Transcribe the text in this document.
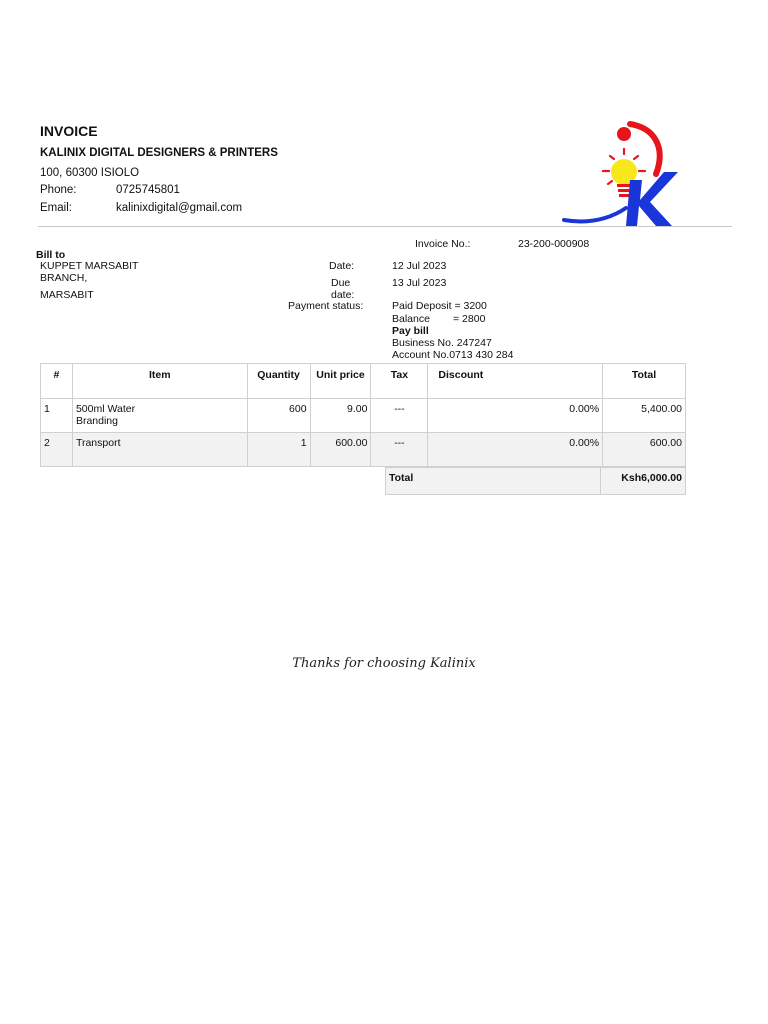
INVOICE
KALINIX DIGITAL DESIGNERS & PRINTERS
100, 60300 ISIOLO
Phone:	0725745801
Email:	kalinixdigital@gmail.com
Invoice No.:	23-200-000908
Bill to
KUPPET MARSABIT
BRANCH,
MARSABIT
Date:	12 Jul 2023
Due
date:
13 Jul 2023
Payment status:	Paid Deposit = 3200
Balance = 2800
Pay bill
Business No. 247247
Account No.0713 430 284
#	Item	Quantity	Unit price	Tax	Discount	Total
1	500ml Water
Branding	600	9.00	---	0.00%	5,400.00
2	Transport	1	600.00	---	0.00%	600.00
Total	Ksh6,000.00
Thanks for choosing Kalinix
